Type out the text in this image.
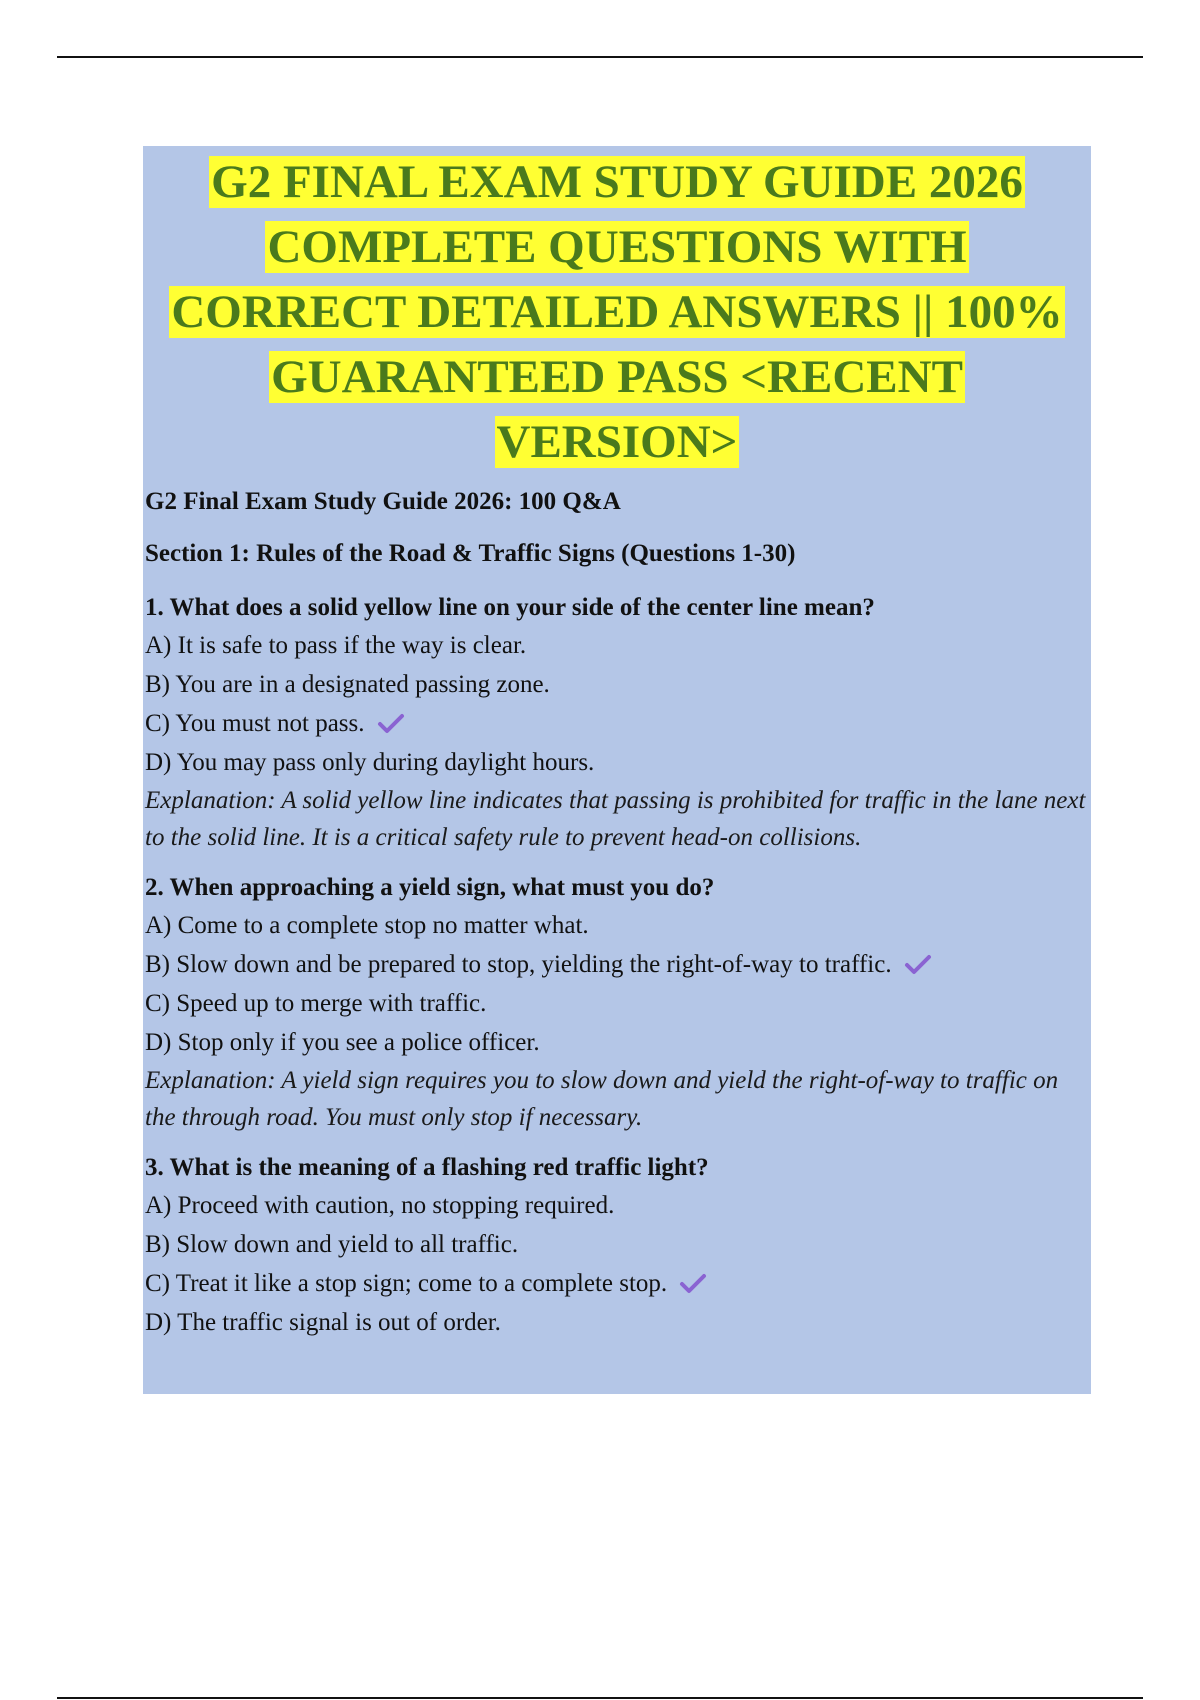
G2 FINAL EXAM STUDY GUIDE 2026
COMPLETE QUESTIONS WITH
CORRECT DETAILED ANSWERS || 100%
GUARANTEED PASS <RECENT
VERSION>

G2 Final Exam Study Guide 2026: 100 Q&A

Section 1: Rules of the Road & Traffic Signs (Questions 1-30)

1. What does a solid yellow line on your side of the center line mean?

A) It is safe to pass if the way is clear.

B) You are in a designated passing zone.

C) You must not pass.

D) You may pass only during daylight hours.

Explanation: A solid yellow line indicates that passing is prohibited for traffic in the lane next to the solid line. It is a critical safety rule to prevent head-on collisions.

2. When approaching a yield sign, what must you do?

A) Come to a complete stop no matter what.

B) Slow down and be prepared to stop, yielding the right-of-way to traffic.

C) Speed up to merge with traffic.

D) Stop only if you see a police officer.

Explanation: A yield sign requires you to slow down and yield the right-of-way to traffic on the through road. You must only stop if necessary.

3. What is the meaning of a flashing red traffic light?

A) Proceed with caution, no stopping required.

B) Slow down and yield to all traffic.

C) Treat it like a stop sign; come to a complete stop.

D) The traffic signal is out of order.
